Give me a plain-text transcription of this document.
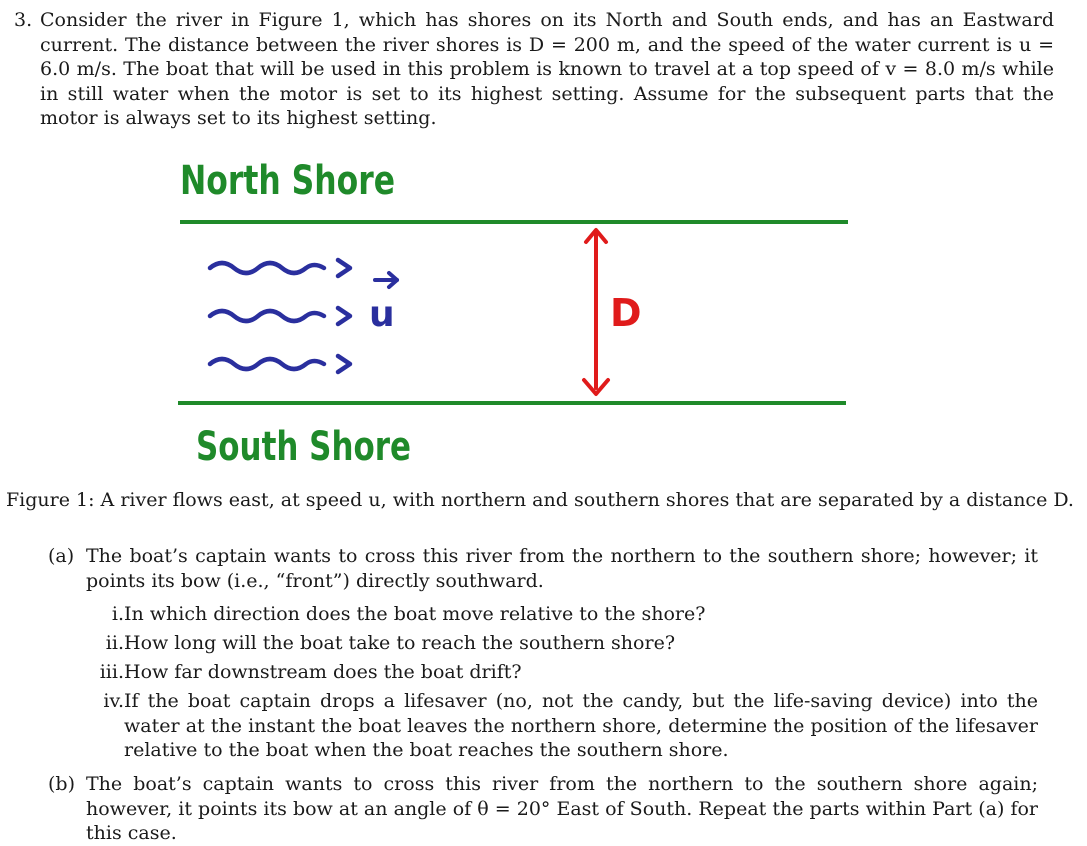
3. Consider the river in Figure 1, which has shores on its North and South ends, and has an Eastward current. The distance between the river shores is D = 200 m, and the speed of the water current is u = 6.0 m/s. The boat that will be used in this problem is known to travel at a top speed of v = 8.0 m/s while in still water when the motor is set to its highest setting. Assume for the subsequent parts that the motor is always set to its highest setting.
North Shore
u	D
South Shore
Figure 1: A river flows east, at speed u, with northern and southern shores that are separated by a distance D.
(a) The boat’s captain wants to cross this river from the northern to the southern shore; however; it points its bow (i.e., “front”) directly southward.
i. In which direction does the boat move relative to the shore?
ii. How long will the boat take to reach the southern shore?
iii. How far downstream does the boat drift?
iv. If the boat captain drops a lifesaver (no, not the candy, but the life-saving device) into the water at the instant the boat leaves the northern shore, determine the position of the lifesaver relative to the boat when the boat reaches the southern shore.
(b) The boat’s captain wants to cross this river from the northern to the southern shore again; however, it points its bow at an angle of θ = 20° East of South. Repeat the parts within Part (a) for this case.
